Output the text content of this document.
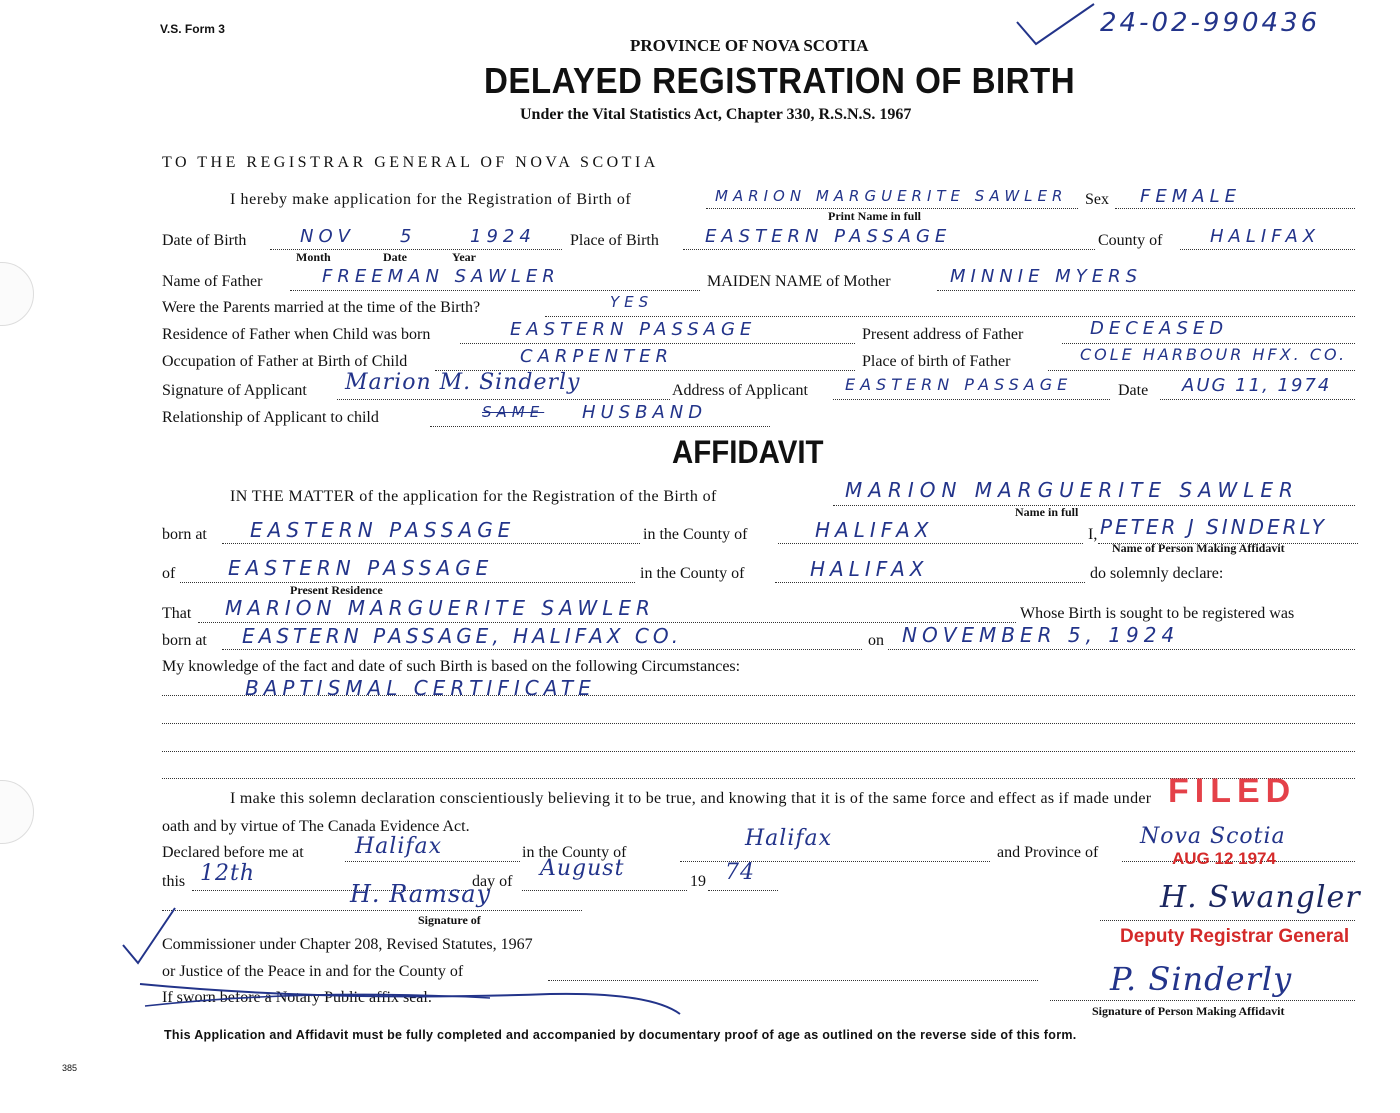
V.S. Form 3	24-02-990436
PROVINCE OF NOVA SCOTIA
DELAYED REGISTRATION OF BIRTH
Under the Vital Statistics Act, Chapter 330, R.S.N.S. 1967
TO THE REGISTRAR GENERAL OF NOVA SCOTIA
I hereby make application for the Registration of Birth of	MARION MARGUERITE SAWLER
Print Name in full
Sex FEMALE
Date of Birth	NOV	5	1924
Month	Date	Year
Place of Birth	EASTERN PASSAGE	County of	HALIFAX
Name of Father	FREEMAN SAWLER	MAIDEN NAME of Mother	MINNIE MYERS
Were the Parents married at the time of the Birth?	YES
Residence of Father when Child was born	EASTERN PASSAGE	Present address of Father	DECEASED
Occupation of Father at Birth of Child	CARPENTER	Place of birth of Father	COLE HARBOUR HFX. CO.
Signature of Applicant Marion M. Sinderly	Address of Applicant EASTERN PASSAGE	Date AUG 11, 1974
Relationship of Applicant to child	SAME HUSBAND
AFFIDAVIT
IN THE MATTER of the application for the Registration of the Birth of	MARION MARGUERITE SAWLER
Name in full
born at EASTERN PASSAGE	in the County of	HALIFAX	I, PETER J SINDERLY
Name of Person Making Affidavit
of	EASTERN PASSAGE
Present Residence
in the County of	HALIFAX	do solemnly declare:
That MARION MARGUERITE SAWLER	Whose Birth is sought to be registered was
born at EASTERN PASSAGE, HALIFAX CO.	on NOVEMBER 5, 1924
My knowledge of the fact and date of such Birth is based on the following Circumstances:
BAPTISMAL CERTIFICATE
I make this solemn declaration conscientiously believing it to be true, and knowing that it is of the same force and effect as if made under
oath and by virtue of The Canada Evidence Act.
Declared before me at Halifax	in the County of
Halifax
and Province of
Nova Scotia
this 12th	day of
August
19 74
H. Ramsay
Signature of
Commissioner under Chapter 208, Revised Statutes, 1967
or Justice of the Peace in and for the County of
If sworn before a Notary Public affix seal.
FILED
AUG 12 1974
H. Swangler
Deputy Registrar General
P. Sinderly
Signature of Person Making Affidavit
This Application and Affidavit must be fully completed and accompanied by documentary proof of age as outlined on the reverse side of this form.
385
